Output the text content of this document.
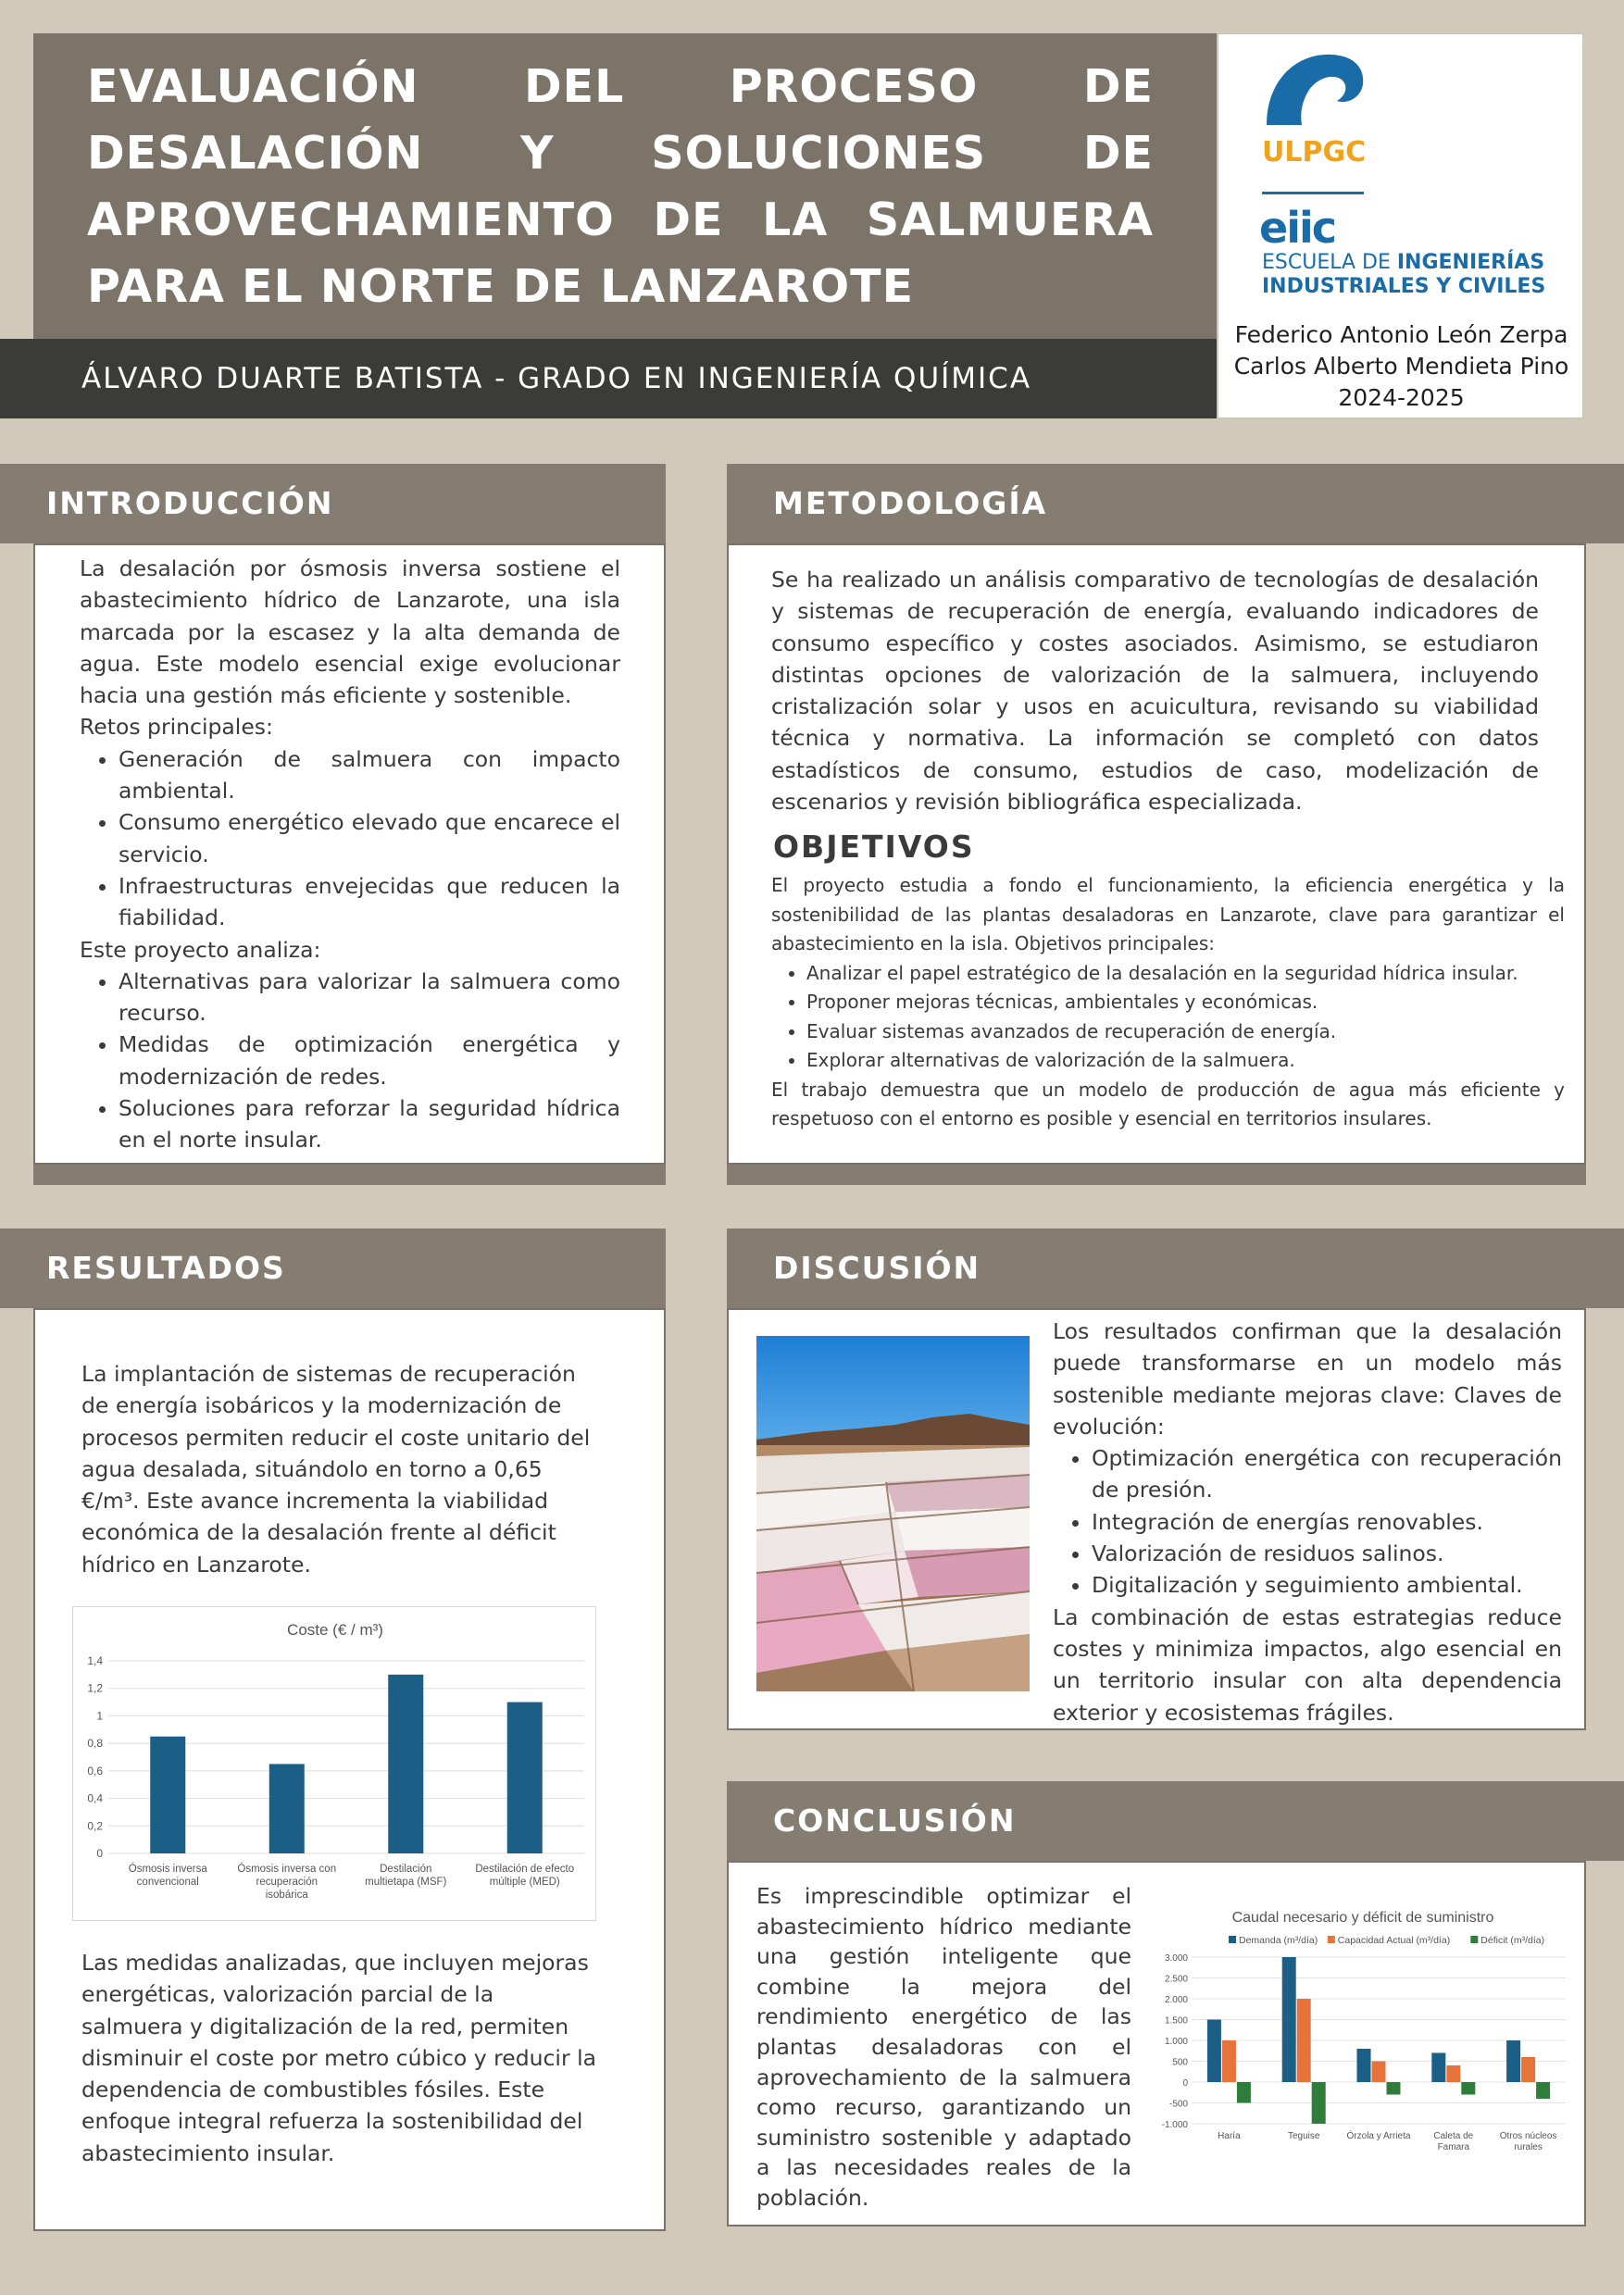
EVALUACIÓN DEL PROCESO DE DESALACIÓN Y SOLUCIONES DE APROVECHAMIENTO DE LA SALMUERA PARA EL NORTE DE LANZAROTE
ÁLVARO DUARTE BATISTA - GRADO EN INGENIERÍA QUÍMICA
ULPGC
eiic
ESCUELA DE INGENIERÍAS
INDUSTRIALES Y CIVILES
Federico Antonio León Zerpa
Carlos Alberto Mendieta Pino
2024-2025
INTRODUCCIÓN

La desalación por ósmosis inversa sostiene el abastecimiento hídrico de Lanzarote, una isla marcada por la escasez y la alta demanda de agua. Este modelo esencial exige evolucionar hacia una gestión más eficiente y sostenible.

Retos principales:

• Generación de salmuera con impacto ambiental.
• Consumo energético elevado que encarece el servicio.
• Infraestructuras envejecidas que reducen la fiabilidad.

Este proyecto analiza:

• Alternativas para valorizar la salmuera como recurso.
• Medidas de optimización energética y modernización de redes.
• Soluciones para reforzar la seguridad hídrica en el norte insular.
METODOLOGÍA
Se ha realizado un análisis comparativo de tecnologías de desalación y sistemas de recuperación de energía, evaluando indicadores de consumo específico y costes asociados. Asimismo, se estudiaron distintas opciones de valorización de la salmuera, incluyendo cristalización solar y usos en acuicultura, revisando su viabilidad técnica y normativa. La información se completó con datos estadísticos de consumo, estudios de caso, modelización de escenarios y revisión bibliográfica especializada.
OBJETIVOS

El proyecto estudia a fondo el funcionamiento, la eficiencia energética y la sostenibilidad de las plantas desaladoras en Lanzarote, clave para garantizar el abastecimiento en la isla. Objetivos principales:

• Analizar el papel estratégico de la desalación en la seguridad hídrica insular.
• Proponer mejoras técnicas, ambientales y económicas.
• Evaluar sistemas avanzados de recuperación de energía.
• Explorar alternativas de valorización de la salmuera.

El trabajo demuestra que un modelo de producción de agua más eficiente y respetuoso con el entorno es posible y esencial en territorios insulares.

RESULTADOS
La implantación de sistemas de recuperación de energía isobáricos y la modernización de procesos permiten reducir el coste unitario del agua desalada, situándolo en torno a 0,65 €/m³. Este avance incrementa la viabilidad económica de la desalación frente al déficit hídrico en Lanzarote.
Coste (€ / m³)
0
0,2
0,4
0,6
0,8
1
1,2
1,4
Ósmosis inversa
convencional
Ósmosis inversa con
recuperación
isobárica
Destilación
multietapa (MSF)
Destilación de efecto
múltiple (MED)
Las medidas analizadas, que incluyen mejoras energéticas, valorización parcial de la salmuera y digitalización de la red, permiten disminuir el coste por metro cúbico y reducir la dependencia de combustibles fósiles. Este enfoque integral refuerza la sostenibilidad del abastecimiento insular.
DISCUSIÓN

Los resultados confirman que la desalación puede transformarse en un modelo más sostenible mediante mejoras clave: Claves de evolución:

• Optimización energética con recuperación de presión.
• Integración de energías renovables.
• Valorización de residuos salinos.
• Digitalización y seguimiento ambiental.

La combinación de estas estrategias reduce costes y minimiza impactos, algo esencial en un territorio insular con alta dependencia exterior y ecosistemas frágiles.

CONCLUSIÓN
Es imprescindible optimizar el abastecimiento hídrico mediante una gestión inteligente que combine la mejora del rendimiento energético de las plantas desaladoras con el aprovechamiento de la salmuera como recurso, garantizando un suministro sostenible y adaptado a las necesidades reales de la población.
Caudal necesario y déficit de suministro
Demanda (m³/día) Capacidad Actual (m³/día)	Déficit (m³/día)
-1.000
-500
0
500
1.000
1.500
2.000
2.500
3.000
Haría	Teguise	Órzola y Arrieta Caleta de
Famara
Otros núcleos
rurales
